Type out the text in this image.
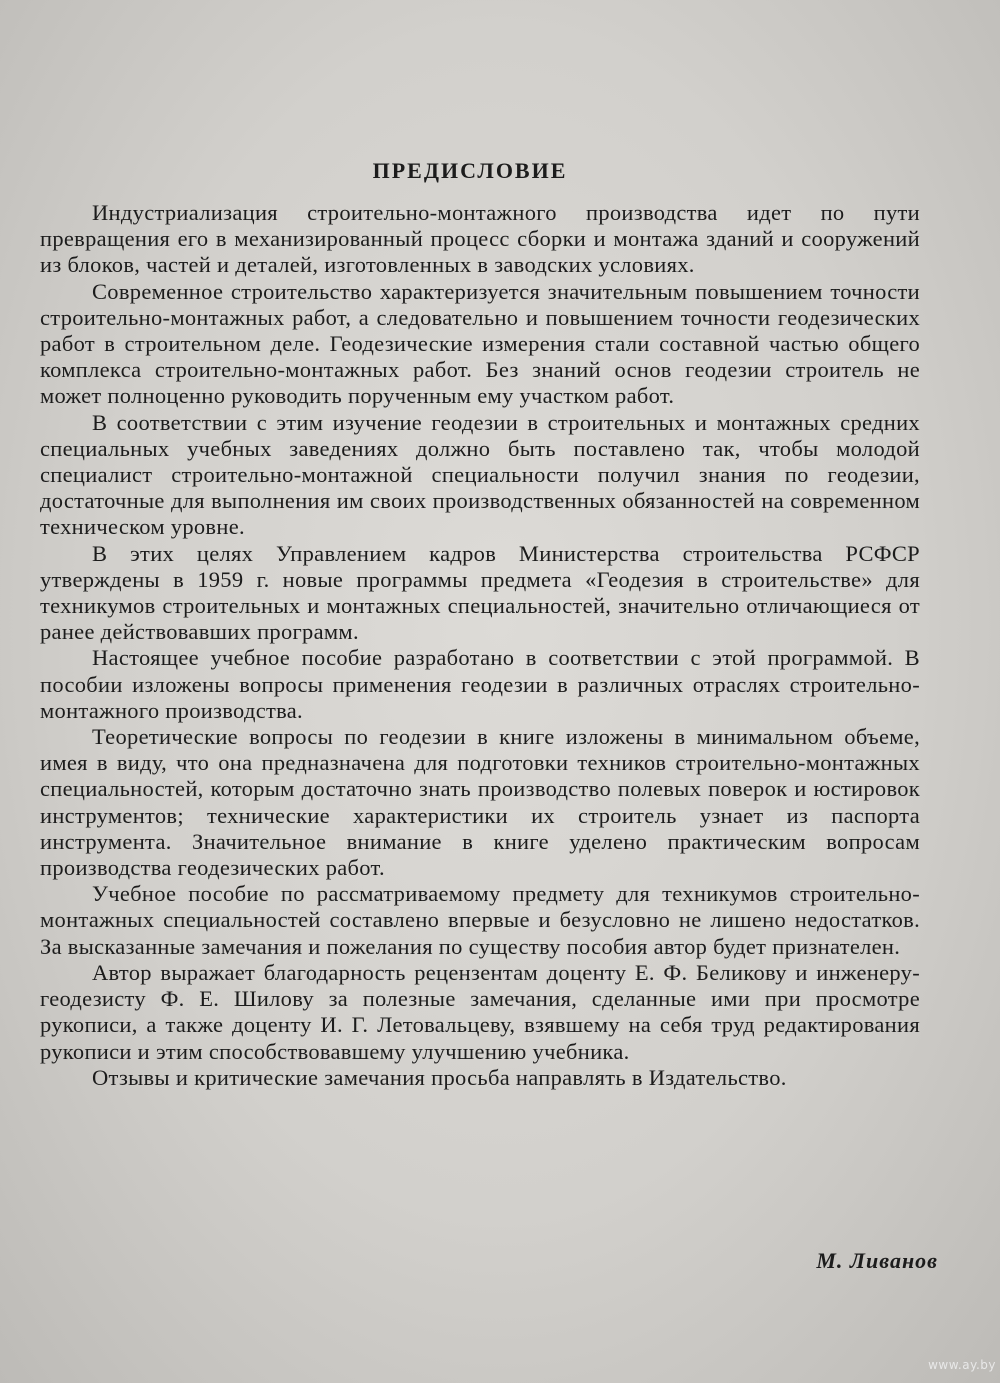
ПРЕДИСЛОВИЕ

Индустриализация строительно-монтажного производства идет по пути превращения его в механизированный процесс сборки и монтажа зданий и сооружений из блоков, частей и деталей, изготовленных в заводских условиях.

Современное строительство характеризуется значительным повышением точности строительно-монтажных работ, а следовательно и повышением точности геодезических работ в строительном деле. Геодезические измерения стали составной частью общего комплекса строительно-монтажных работ. Без знаний основ геодезии строитель не может полноценно руководить порученным ему участком работ.

В соответствии с этим изучение геодезии в строительных и монтажных средних специальных учебных заведениях должно быть поставлено так, чтобы молодой специалист строительно-монтажной специальности получил знания по геодезии, достаточные для выполнения им своих производственных обязанностей на современном техническом уровне.

В этих целях Управлением кадров Министерства строительства РСФСР утверждены в 1959 г. новые программы предмета «Геодезия в строительстве» для техникумов строительных и монтажных специальностей, значительно отличающиеся от ранее действовавших программ.

Настоящее учебное пособие разработано в соответствии с этой программой. В пособии изложены вопросы применения геодезии в различных отраслях строительно-монтажного производства.

Теоретические вопросы по геодезии в книге изложены в минимальном объеме, имея в виду, что она предназначена для подготовки техников строительно-монтажных специальностей, которым достаточно знать производство полевых поверок и юстировок инструментов; технические характеристики их строитель узнает из паспорта инструмента. Значительное внимание в книге уделено практическим вопросам производства геодезических работ.

Учебное пособие по рассматриваемому предмету для техникумов строительно-монтажных специальностей составлено впервые и безусловно не лишено недостатков. За высказанные замечания и пожелания по существу пособия автор будет признателен.

Автор выражает благодарность рецензентам доценту Е. Ф. Беликову и инженеру-геодезисту Ф. Е. Шилову за полезные замечания, сделанные ими при просмотре рукописи, а также доценту И. Г. Летовальцеву, взявшему на себя труд редактирования рукописи и этим способствовавшему улучшению учебника.

Отзывы и критические замечания просьба направлять в Издательство.

М. Ливанов
www.ay.by
